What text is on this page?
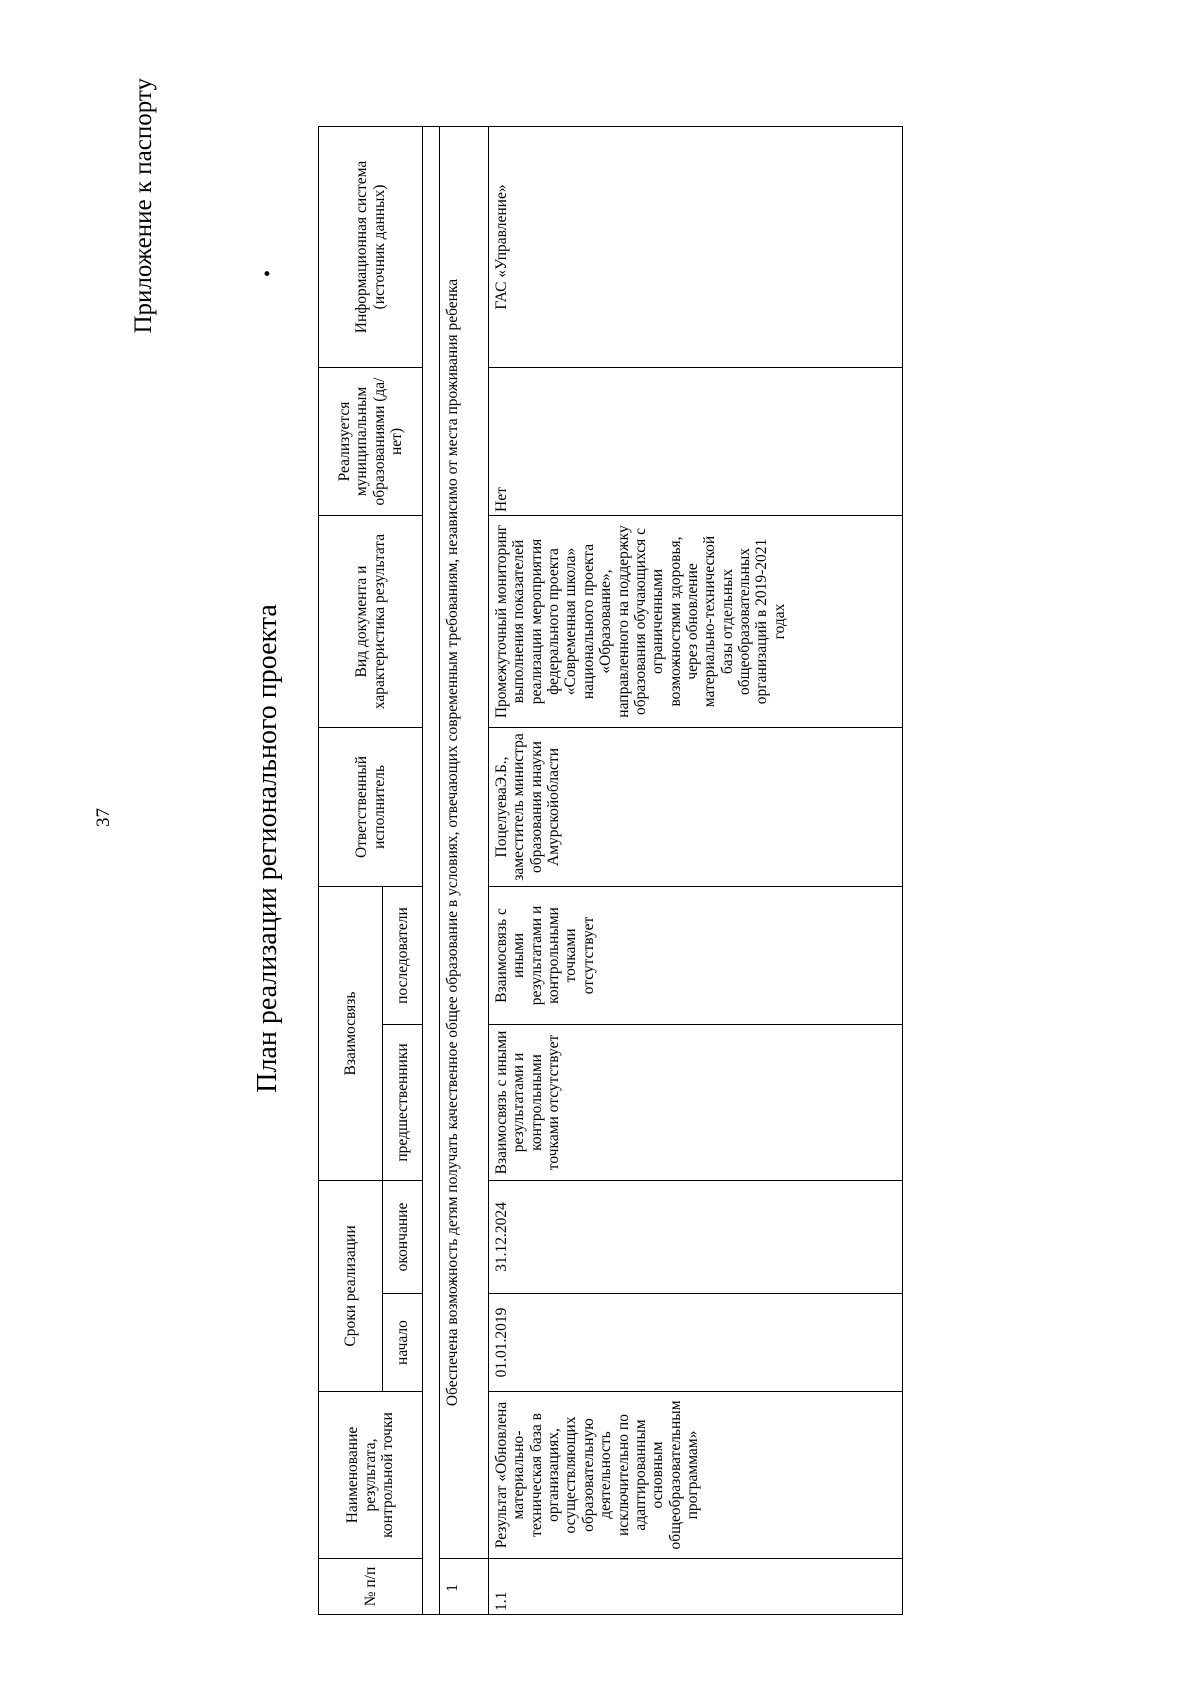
37
Приложение к паспорту	•
План реализации регионального проекта
№ п/п	Наименование результата, контрольной точки	Сроки реализации		Взаимосвязь		Ответственный исполнитель	Вид документа и характеристика результата	Реализуется муниципальным образованиями (да/нет)	Информационная система (источник данных)
		начало	окончание	предшественники	последователи				

1	Обеспечена возможность детям получать качественное общее образование в условиях, отвечающих современным требованиям, независимо от места проживания ребенка								
1.1	Результат «Обновлена материально-техническая база в организациях, осуществляющих образовательную деятельность исключительно по адаптированным основным общеобразовательным программам»	01.01.2019	31.12.2024	Взаимосвязь с иными результатами и контрольными точками отсутствует	Взаимосвязь с иными результатами и контрольными точками отсутствует	ПоцелуеваЭ.Б., заместитель министра образования инауки Амурскойобласти	Промежуточный мониторинг выполнения показателей реализации мероприятия федерального проекта «Современная школа» национального проекта «Образование», направленного на поддержку образования обучающихся с ограниченными возможностями здоровья, через обновление материально-технической базы отдельных общеобразовательных организаций в 2019-2021 годах	Нет	ГАС «Управление»
